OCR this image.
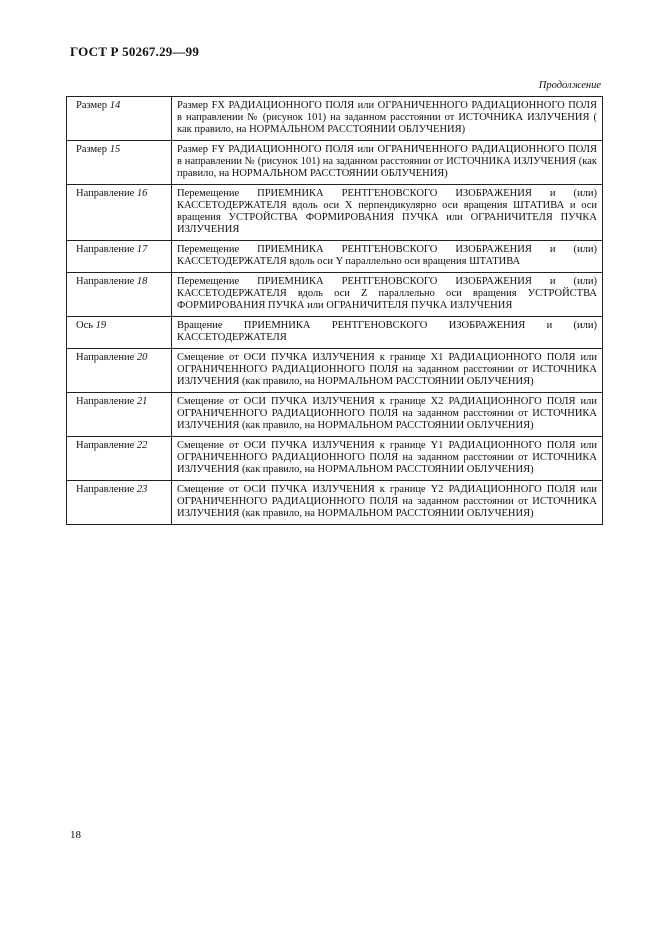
ГОСТ Р 50267.29—99
Продолжение
Размер 14	Размер FX РАДИАЦИОННОГО ПОЛЯ или ОГРАНИЧЕННОГО РАДИАЦИОННОГО ПОЛЯ в направлении № (рисунок 101) на заданном расстоянии от ИСТОЧНИКА ИЗЛУЧЕНИЯ ( как правило, на НОРМАЛЬНОМ РАССТОЯНИИ ОБЛУЧЕНИЯ)
Размер 15	Размер FY РАДИАЦИОННОГО ПОЛЯ или ОГРАНИЧЕННОГО РАДИАЦИОННОГО ПОЛЯ в направлении № (рисунок 101) на заданном расстоянии от ИСТОЧНИКА ИЗЛУЧЕНИЯ (как правило, на НОРМАЛЬНОМ РАССТОЯНИИ ОБЛУЧЕНИЯ)
Направление 16	Перемещение ПРИЕМНИКА РЕНТГЕНОВСКОГО ИЗОБРАЖЕНИЯ и (или) КАССЕТОДЕРЖАТЕЛЯ вдоль оси X перпендикулярно оси вращения ШТАТИВА и оси вращения УСТРОЙСТВА ФОРМИРОВАНИЯ ПУЧКА или ОГРАНИЧИТЕЛЯ ПУЧКА ИЗЛУЧЕНИЯ
Направление 17	Перемещение ПРИЕМНИКА РЕНТГЕНОВСКОГО ИЗОБРАЖЕНИЯ и (или) КАССЕТОДЕРЖАТЕЛЯ вдоль оси Y параллельно оси вращения ШТАТИВА
Направление 18	Перемещение ПРИЕМНИКА РЕНТГЕНОВСКОГО ИЗОБРАЖЕНИЯ и (или) КАССЕТОДЕРЖАТЕЛЯ вдоль оси Z параллельно оси вращения УСТРОЙСТВА ФОРМИРОВАНИЯ ПУЧКА или ОГРАНИЧИТЕЛЯ ПУЧКА ИЗЛУЧЕНИЯ
Ось 19	Вращение ПРИЕМНИКА РЕНТГЕНОВСКОГО ИЗОБРАЖЕНИЯ и (или) КАССЕТОДЕРЖАТЕЛЯ
Направление 20	Смещение от ОСИ ПУЧКА ИЗЛУЧЕНИЯ к границе X1 РАДИАЦИОННОГО ПОЛЯ или ОГРАНИЧЕННОГО РАДИАЦИОННОГО ПОЛЯ на заданном расстоянии от ИСТОЧНИКА ИЗЛУЧЕНИЯ (как правило, на НОРМАЛЬНОМ РАССТОЯНИИ ОБЛУЧЕНИЯ)
Направление 21	Смещение от ОСИ ПУЧКА ИЗЛУЧЕНИЯ к границе X2 РАДИАЦИОННОГО ПОЛЯ или ОГРАНИЧЕННОГО РАДИАЦИОННОГО ПОЛЯ на заданном расстоянии от ИСТОЧНИКА ИЗЛУЧЕНИЯ (как правило, на НОРМАЛЬНОМ РАССТОЯНИИ ОБЛУЧЕНИЯ)
Направление 22	Смещение от ОСИ ПУЧКА ИЗЛУЧЕНИЯ к границе Y1 РАДИАЦИОННОГО ПОЛЯ или ОГРАНИЧЕННОГО РАДИАЦИОННОГО ПОЛЯ на заданном расстоянии от ИСТОЧНИКА ИЗЛУЧЕНИЯ (как правило, на НОРМАЛЬНОМ РАССТОЯНИИ ОБЛУЧЕНИЯ)
Направление 23	Смещение от ОСИ ПУЧКА ИЗЛУЧЕНИЯ к границе Y2 РАДИАЦИОННОГО ПОЛЯ или ОГРАНИЧЕННОГО РАДИАЦИОННОГО ПОЛЯ на заданном расстоянии от ИСТОЧНИКА ИЗЛУЧЕНИЯ (как правило, на НОРМАЛЬНОМ РАССТОЯНИИ ОБЛУЧЕНИЯ)
18
